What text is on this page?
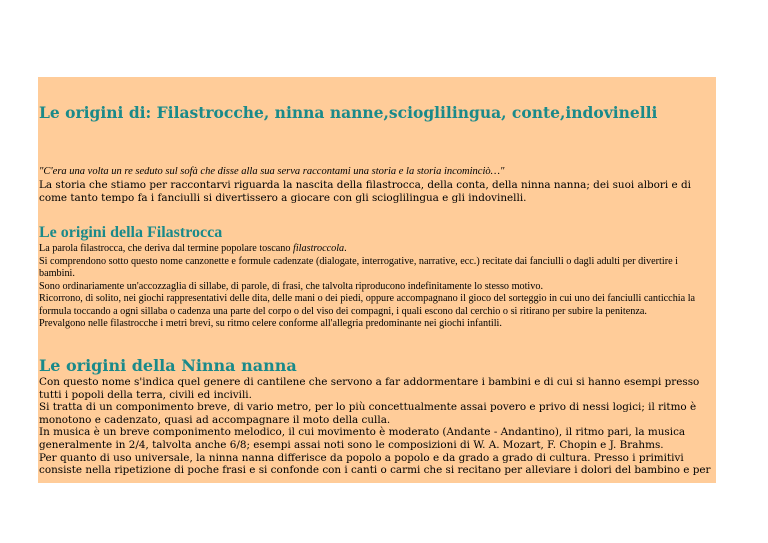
Le origini di: Filastrocche, ninna nanne,scioglilingua, conte,indovinelli

"C'era una volta un re seduto sul sofà che disse alla sua serva raccontami una storia e la storia incominciò…"

La storia che stiamo per raccontarvi riguarda la nascita della filastrocca, della conta, della ninna nanna; dei suoi albori e di come tanto tempo fa i fanciulli si divertissero a giocare con gli scioglilingua e gli indovinelli.

Le origini della Filastrocca

La parola filastrocca, che deriva dal termine popolare toscano filastroccola.

Si comprendono sotto questo nome canzonette e formule cadenzate (dialogate, interrogative, narrative, ecc.) recitate dai fanciulli o dagli adulti per divertire i bambini.

Sono ordinariamente un'accozzaglia di sillabe, di parole, di frasi, che talvolta riproducono indefinitamente lo stesso motivo.

Ricorrono, di solito, nei giochi rappresentativi delle dita, delle mani o dei piedi, oppure accompagnano il gioco del sorteggio in cui uno dei fanciulli canticchia la formula toccando a ogni sillaba o cadenza una parte del corpo o del viso dei compagni, i quali escono dal cerchio o si ritirano per subire la penitenza.

Prevalgono nelle filastrocche i metri brevi, su ritmo celere conforme all'allegria predominante nei giochi infantili.

Le origini della Ninna nanna

Con questo nome s'indica quel genere di cantilene che servono a far addormentare i bambini e di cui si hanno esempi presso tutti i popoli della terra, civili ed incivili.

Si tratta di un componimento breve, di vario metro, per lo più concettualmente assai povero e privo di nessi logici; il ritmo è monotono e cadenzato, quasi ad accompagnare il moto della culla.

In musica è un breve componimento melodico, il cui movimento è moderato (Andante - Andantino), il ritmo pari, la musica generalmente in 2/4, talvolta anche 6/8; esempi assai noti sono le composizioni di W. A. Mozart, F. Chopin e J. Brahms.

Per quanto di uso universale, la ninna nanna differisce da popolo a popolo e da grado a grado di cultura. Presso i primitivi consiste nella ripetizione di poche frasi e si confonde con i canti o carmi che si recitano per alleviare i dolori del bambino e per
